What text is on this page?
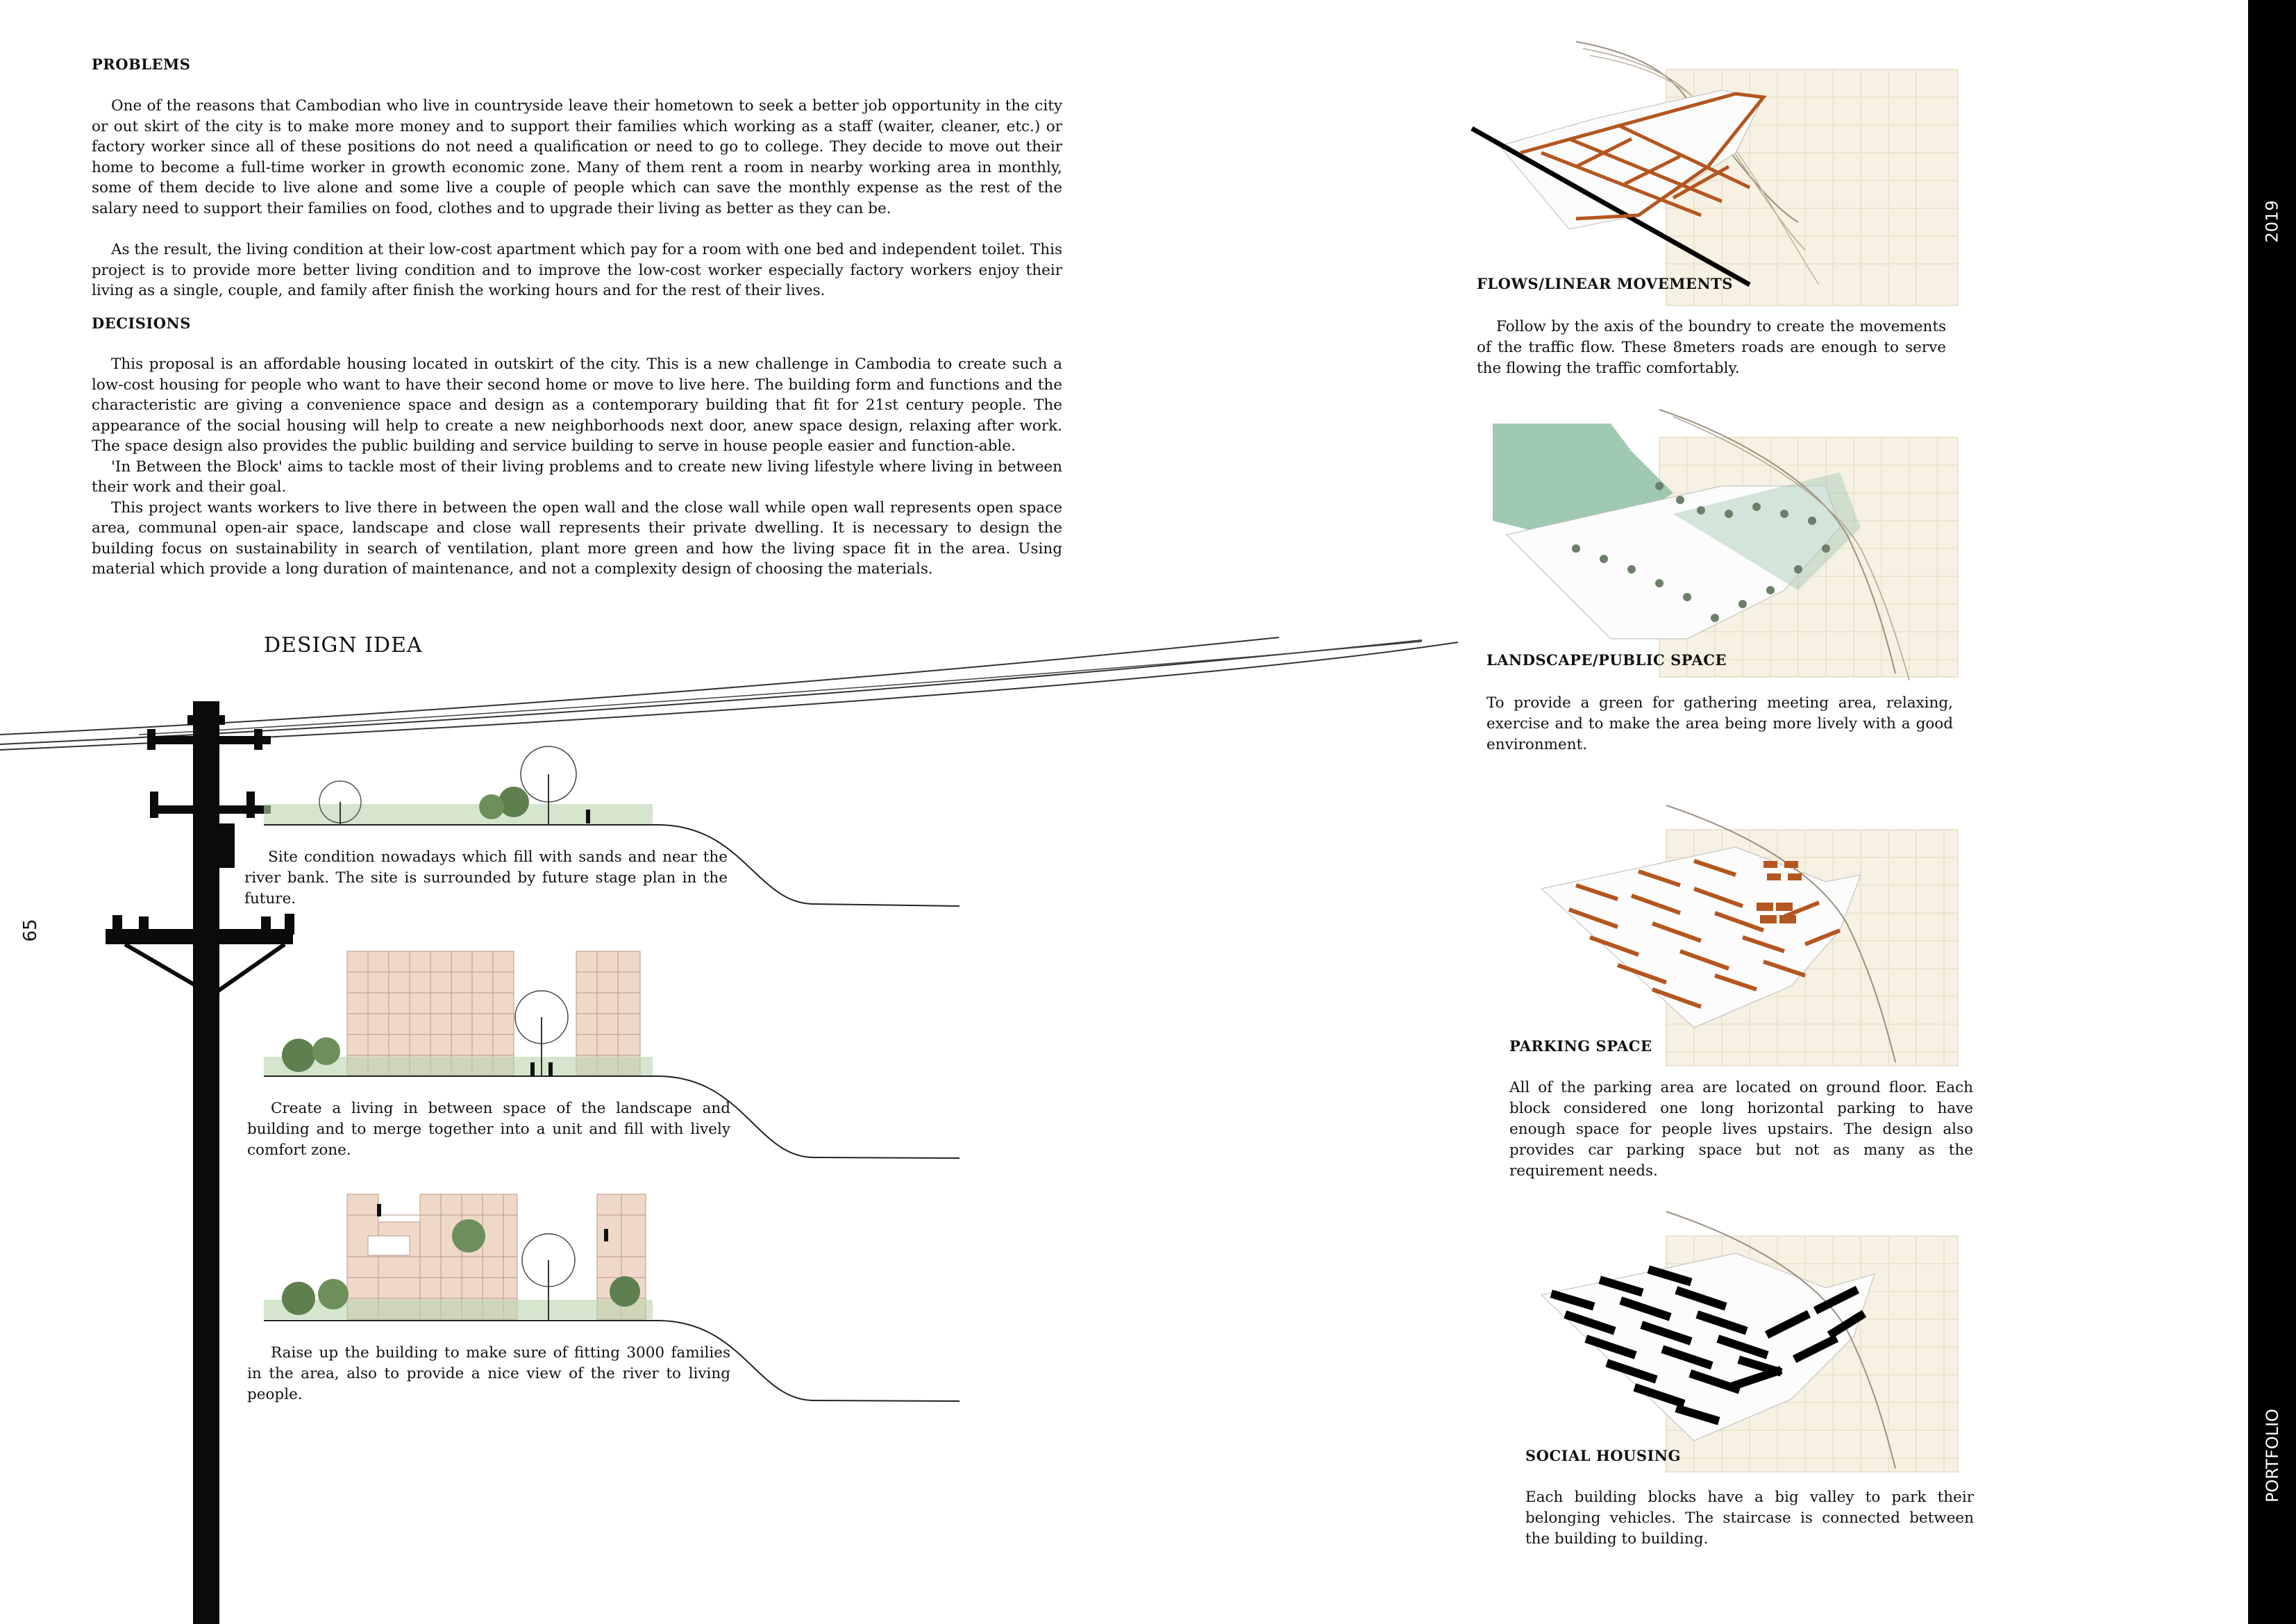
PROBLEMS

One of the reasons that Cambodian who live in countryside leave their hometown to seek a better job opportunity in the city or out skirt of the city is to make more money and to support their families which working as a staff (waiter, cleaner, etc.) or factory worker since all of these positions do not need a qualification or need to go to college. They decide to move out their home to become a full-time worker in growth economic zone. Many of them rent a room in nearby working area in monthly, some of them decide to live alone and some live a couple of people which can save the monthly expense as the rest of the salary need to support their families on food, clothes and to upgrade their living as better as they can be.

As the result, the living condition at their low-cost apartment which pay for a room with one bed and independent toilet. This project is to provide more better living condition and to improve the low-cost worker especially factory workers enjoy their living as a single, couple, and family after finish the working hours and for the rest of their lives.

DECISIONS

This proposal is an affordable housing located in outskirt of the city. This is a new challenge in Cambodia to create such a low-cost housing for people who want to have their second home or move to live here. The building form and functions and the characteristic are giving a convenience space and design as a contemporary building that fit for 21st century people. The appearance of the social housing will help to create a new neighborhoods next door, anew space design, relaxing after work. The space design also provides the public building and service building to serve in house people easier and function-able.

'In Between the Block' aims to tackle most of their living problems and to create new living lifestyle where living in between their work and their goal.

This project wants workers to live there in between the open wall and the close wall while open wall represents open space area, communal open-air space, landscape and close wall represents their private dwelling. It is necessary to design the building focus on sustainability in search of ventilation, plant more green and how the living space fit in the area. Using material which provide a long duration of maintenance, and not a complexity design of choosing the materials.

DESIGN IDEA
Site condition nowadays which fill with sands and near the river bank. The site is surrounded by future stage plan in the future.
Create a living in between space of the landscape and building and to merge together into a unit and fill with lively comfort zone.
Raise up the building to make sure of fitting 3000 families in the area, also to provide a nice view of the river to living people.
65
FLOWS/LINEAR MOVEMENTS
Follow by the axis of the boundry to create the movements of the traffic flow. These 8meters roads are enough to serve the flowing the traffic comfortably.
LANDSCAPE/PUBLIC SPACE
To provide a green for gathering meeting area, relaxing, exercise and to make the area being more lively with a good environment.
PARKING SPACE
All of the parking area are located on ground floor. Each block considered one long horizontal parking to have enough space for people lives upstairs. The design also provides car parking space but not as many as the requirement needs.
SOCIAL HOUSING
Each building blocks have a big valley to park their belonging vehicles. The staircase is connected between the building to building.
2019
PORTFOLIO
